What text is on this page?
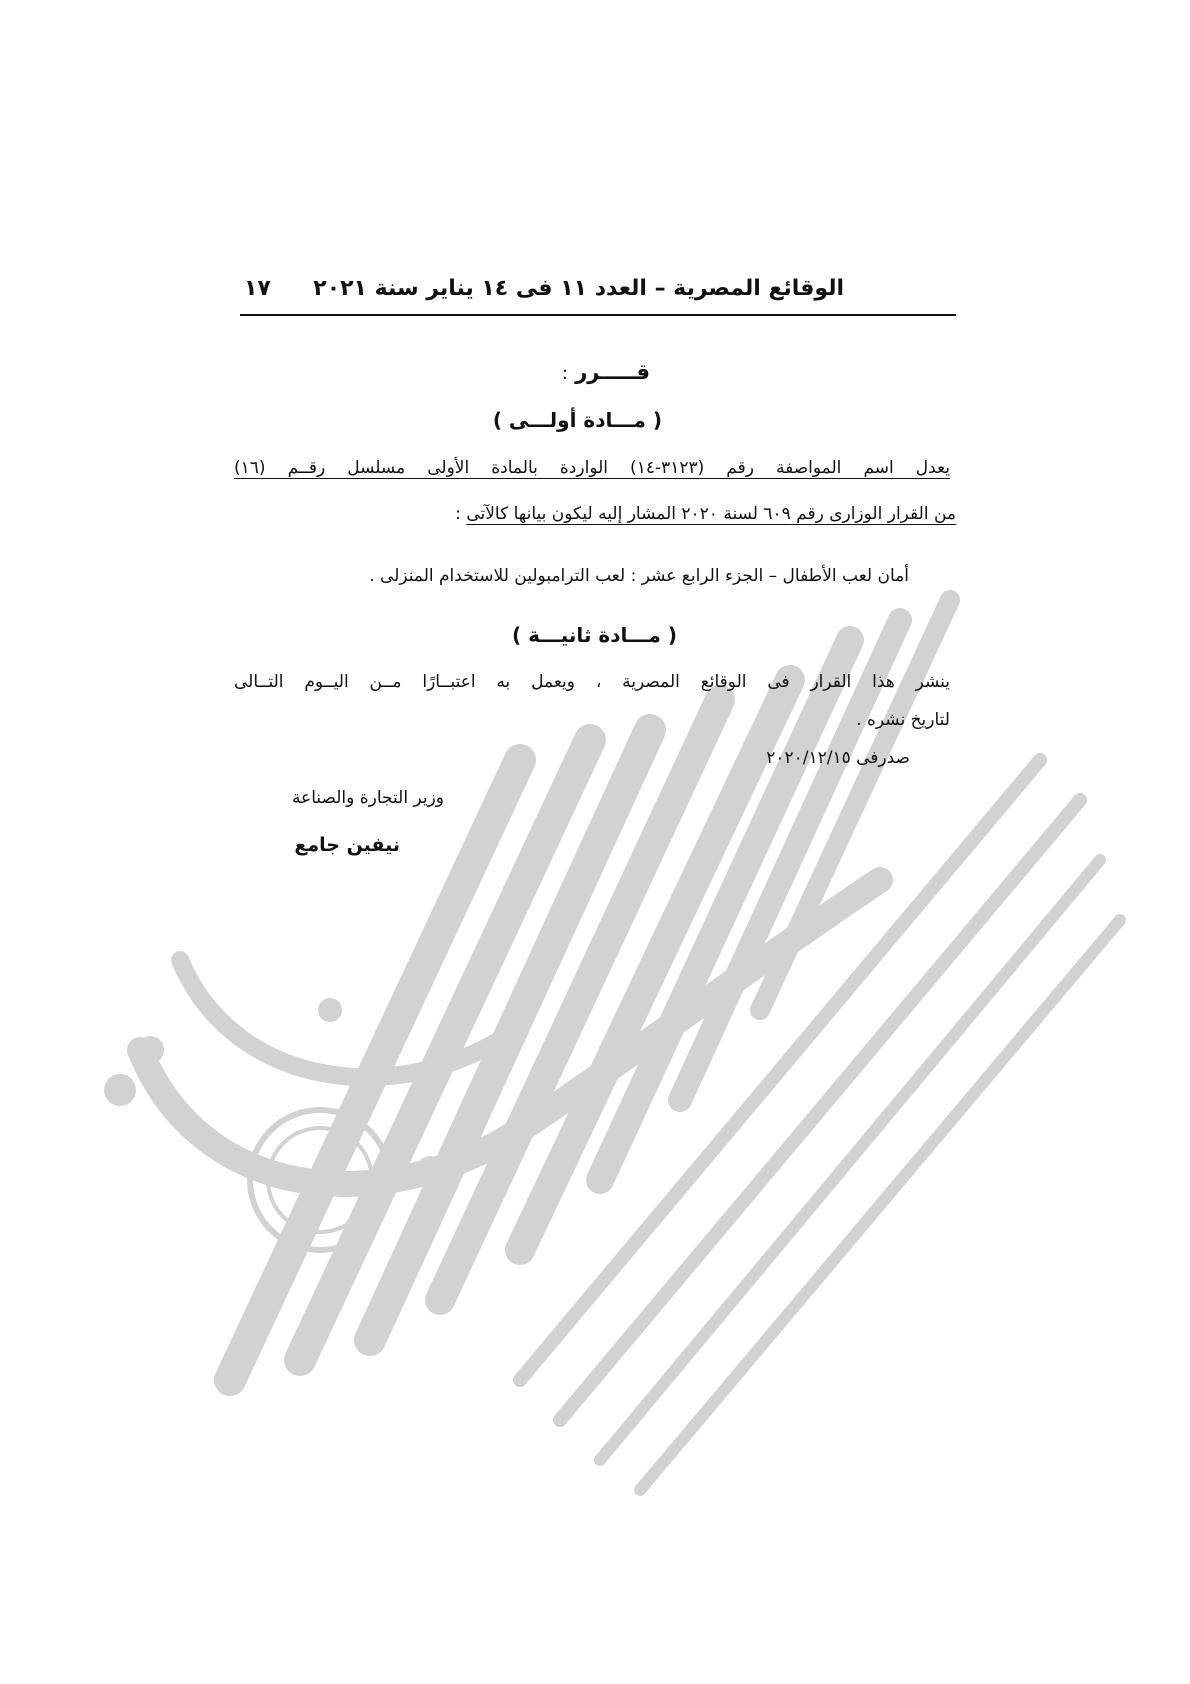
الوقائع المصرية – العدد ١١ فى ١٤ يناير سنة ٢٠٢١
١٧
قـــــرر :
( مـــادة أولـــى )
يعدل اسم المواصفة رقم (٣١٢٣-١٤) الواردة بالمادة الأولى مسلسل رقــم (١٦)
من القرار الوزارى رقم ٦٠٩ لسنة ٢٠٢٠ المشار إليه ليكون بيانها كالآتى :
أمان لعب الأطفال – الجزء الرابع عشر : لعب الترامبولين للاستخدام المنزلى .
( مـــادة ثانيـــة )
ينشر هذا القرار فى الوقائع المصرية ، ويعمل به اعتبــارًا مــن اليــوم التــالى
لتاريخ نشره .
صدرفى ٢٠٢٠/١٢/١٥
وزير التجارة والصناعة
نيفين جامع
